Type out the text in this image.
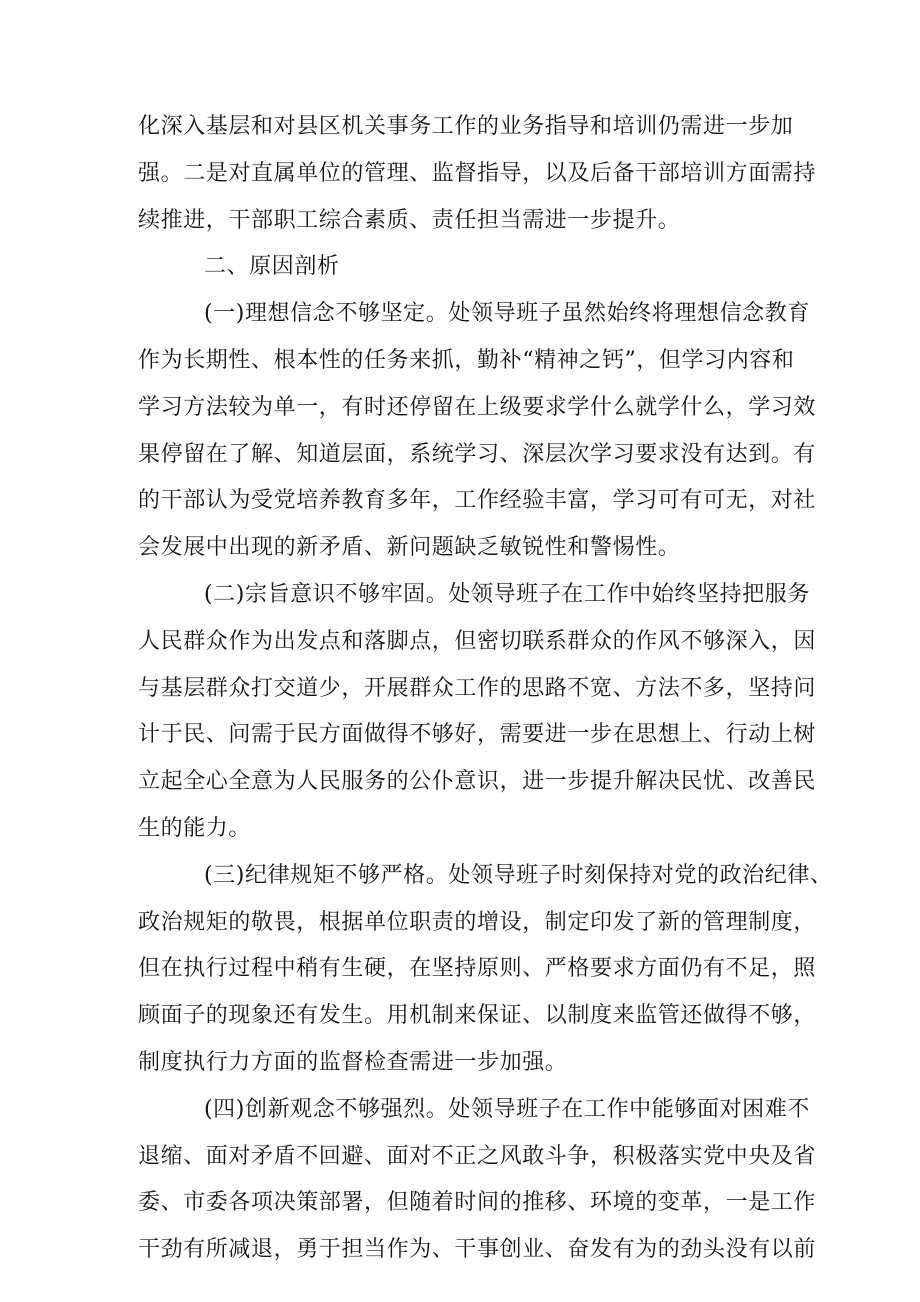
化深入基层和对县区机关事务工作的业务指导和培训仍需进一步加
强。二是对直属单位的管理、监督指导，以及后备干部培训方面需持
续推进，干部职工综合素质、责任担当需进一步提升。
二、原因剖析
(一)理想信念不够坚定。处领导班子虽然始终将理想信念教育
作为长期性、根本性的任务来抓，勤补“精神之钙”，但学习内容和
学习方法较为单一，有时还停留在上级要求学什么就学什么，学习效
果停留在了解、知道层面，系统学习、深层次学习要求没有达到。有
的干部认为受党培养教育多年，工作经验丰富，学习可有可无，对社
会发展中出现的新矛盾、新问题缺乏敏锐性和警惕性。
(二)宗旨意识不够牢固。处领导班子在工作中始终坚持把服务
人民群众作为出发点和落脚点，但密切联系群众的作风不够深入，因
与基层群众打交道少，开展群众工作的思路不宽、方法不多，坚持问
计于民、问需于民方面做得不够好，需要进一步在思想上、行动上树
立起全心全意为人民服务的公仆意识，进一步提升解决民忧、改善民
生的能力。
(三)纪律规矩不够严格。处领导班子时刻保持对党的政治纪律、
政治规矩的敬畏，根据单位职责的增设，制定印发了新的管理制度，
但在执行过程中稍有生硬，在坚持原则、严格要求方面仍有不足，照
顾面子的现象还有发生。用机制来保证、以制度来监管还做得不够，
制度执行力方面的监督检查需进一步加强。
(四)创新观念不够强烈。处领导班子在工作中能够面对困难不
退缩、面对矛盾不回避、面对不正之风敢斗争，积极落实党中央及省
委、市委各项决策部署，但随着时间的推移、环境的变革，一是工作
干劲有所减退，勇于担当作为、干事创业、奋发有为的劲头没有以前
